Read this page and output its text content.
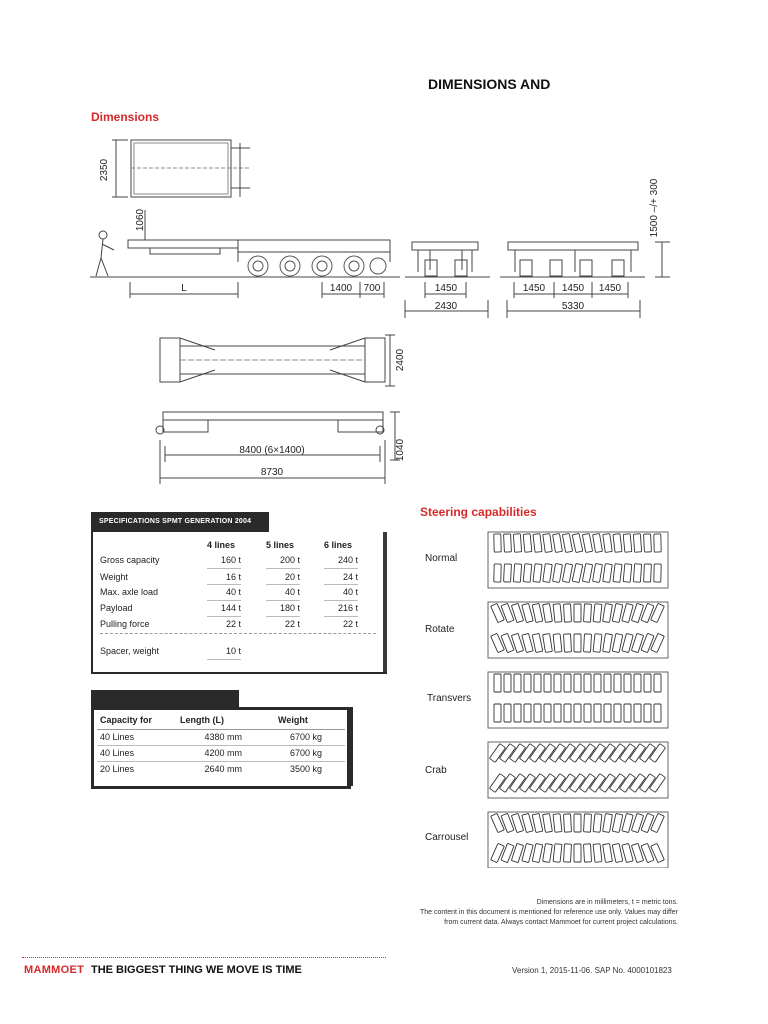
DIMENSIONS AND
Dimensions
2350
1060
L	1400 700	1450
2430
1450 1450 1450
5330
1500 –/+ 300
2400
8400 (6×1400)
8730
1040
SPECIFICATIONS SPMT GENERATION 2004
4 lines	5 lines	6 lines
Gross capacity	160 t	200 t	240 t
Weight	16 t	20 t	24 t
Max. axle load	40 t	40 t	40 t
Payload	144 t	180 t	216 t
Pulling force	22 t	22 t	22 t
Spacer, weight	10 t
Capacity for	Length (L)	Weight
40 Lines	4380 mm	6700 kg
40 Lines	4200 mm	6700 kg
20 Lines	2640 mm	3500 kg
Steering capabilities
Normal
Rotate
Transvers
Crab
Carrousel
Dimensions are in millimeters, t = metric tons.
The content in this document is mentioned for reference use only. Values may differ
from current data. Always contact Mammoet for current project calculations.
MAMMOET THE BIGGEST THING WE MOVE IS TIME	Version 1, 2015-11-06. SAP No. 4000101823
